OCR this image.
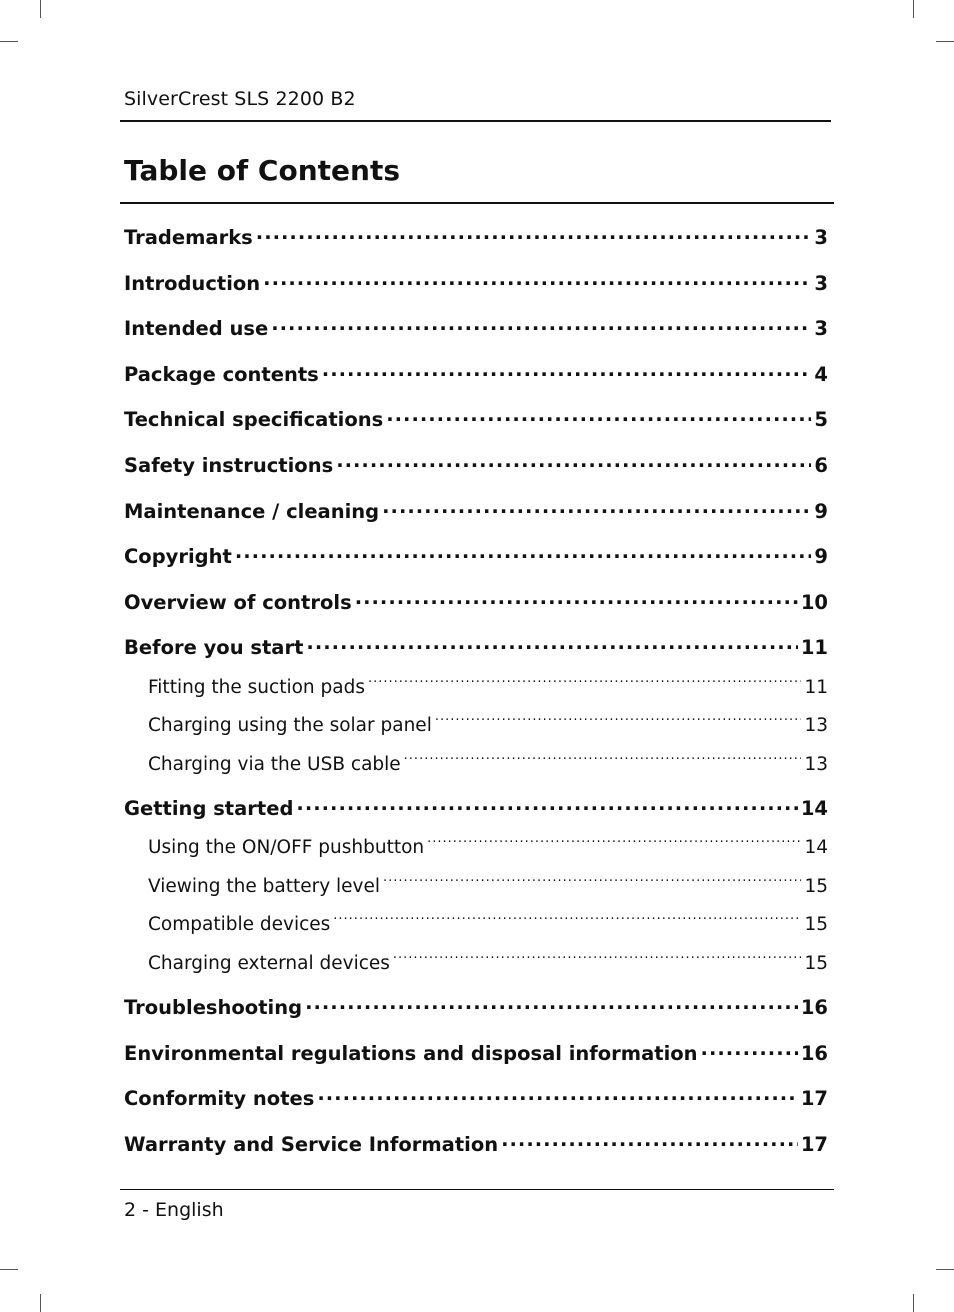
SilverCrest SLS 2200 B2
Table of Contents
Trademarks .....	3
Introduction .....	3
Intended use .....	3
Package contents .....	4
Technical specifications .....	5
Safety instructions .....	6
Maintenance / cleaning .....	9
Copyright .....	9
Overview of controls .....	10
Before you start .....	11
Fitting the suction pads .....	11
Charging using the solar panel .....	13
Charging via the USB cable .....	13
Getting started .....	14
Using the ON/OFF pushbutton .....	14
Viewing the battery level .....	15
Compatible devices .....	15
Charging external devices .....	15
Troubleshooting .....	16
Environmental regulations and disposal information .....	16
Conformity notes .....	17
Warranty and Service Information .....	17
2 - English
